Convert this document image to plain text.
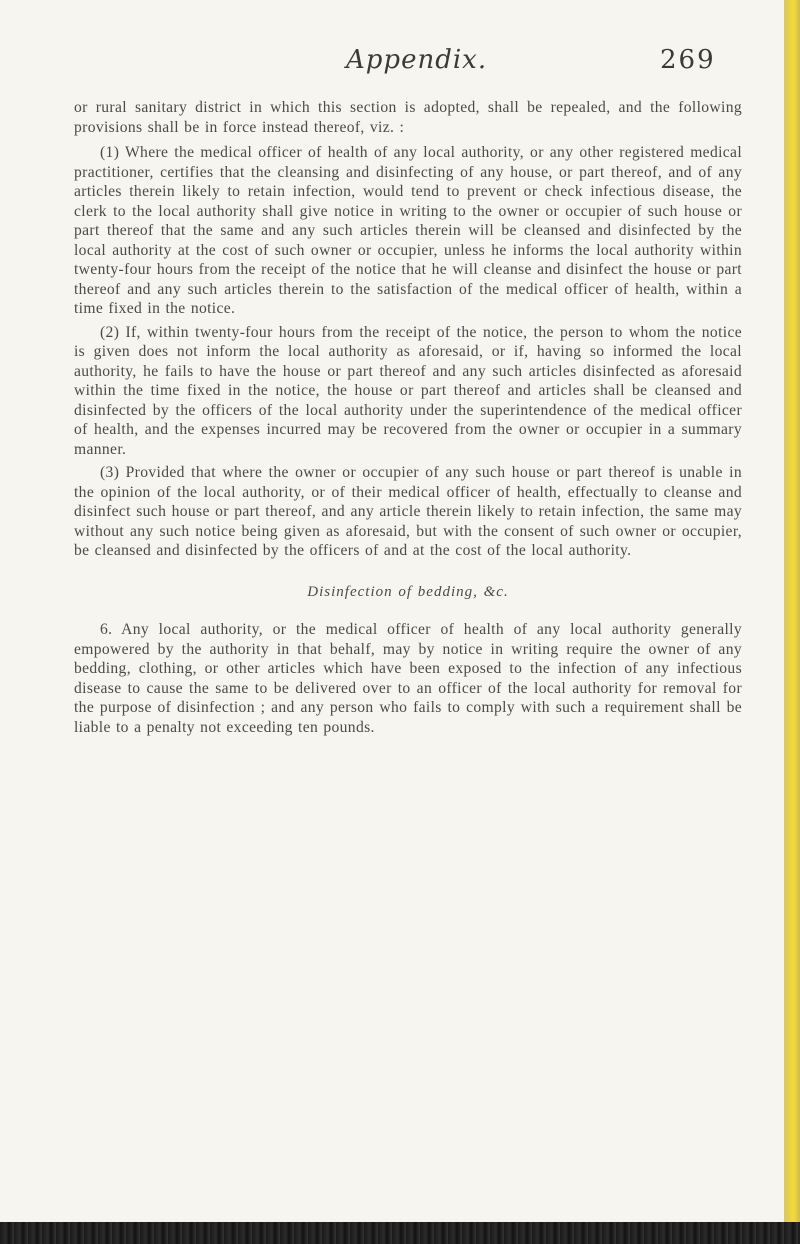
Appendix.	269

or rural sanitary district in which this section is adopted, shall be repealed, and the following provisions shall be in force instead thereof, viz. :

(1) Where the medical officer of health of any local authority, or any other registered medical practitioner, certifies that the cleansing and disinfecting of any house, or part thereof, and of any articles therein likely to retain infection, would tend to prevent or check infectious disease, the clerk to the local authority shall give notice in writing to the owner or occupier of such house or part thereof that the same and any such articles therein will be cleansed and disinfected by the local authority at the cost of such owner or occupier, unless he informs the local authority within twenty-four hours from the receipt of the notice that he will cleanse and disinfect the house or part thereof and any such articles therein to the satisfaction of the medical officer of health, within a time fixed in the notice.

(2) If, within twenty-four hours from the receipt of the notice, the person to whom the notice is given does not inform the local authority as aforesaid, or if, having so informed the local authority, he fails to have the house or part thereof and any such articles disinfected as aforesaid within the time fixed in the notice, the house or part thereof and articles shall be cleansed and disinfected by the officers of the local authority under the superintendence of the medical officer of health, and the expenses incurred may be recovered from the owner or occupier in a summary manner.

(3) Provided that where the owner or occupier of any such house or part thereof is unable in the opinion of the local authority, or of their medical officer of health, effectually to cleanse and disinfect such house or part thereof, and any article therein likely to retain infection, the same may without any such notice being given as aforesaid, but with the consent of such owner or occupier, be cleansed and disinfected by the officers of and at the cost of the local authority.

Disinfection of bedding, &c.

6. Any local authority, or the medical officer of health of any local authority generally empowered by the authority in that behalf, may by notice in writing require the owner of any bedding, clothing, or other articles which have been exposed to the infection of any infectious disease to cause the same to be delivered over to an officer of the local authority for removal for the purpose of disinfection ; and any person who fails to comply with such a requirement shall be liable to a penalty not exceeding ten pounds.
